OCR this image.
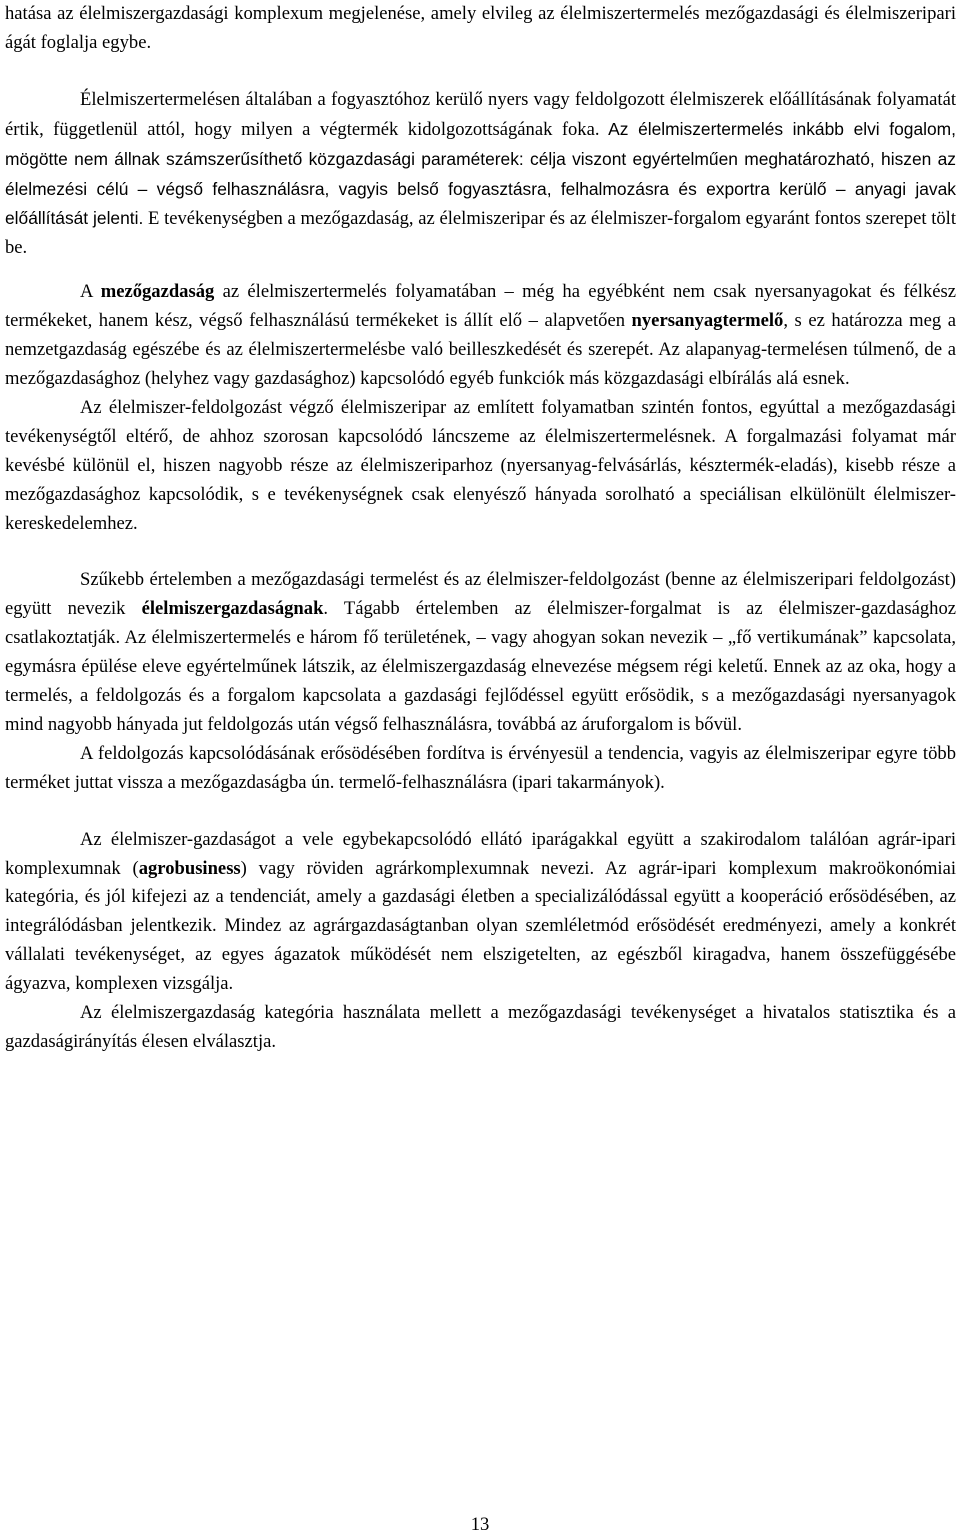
hatása az élelmiszergazdasági komplexum megjelenése, amely elvileg az élelmiszertermelés mezőgazdasági és élelmiszeripari ágát foglalja egybe.

Élelmiszertermelésen általában a fogyasztóhoz kerülő nyers vagy feldolgozott élelmiszerek előállításának folyamatát értik, függetlenül attól, hogy milyen a végtermék kidolgozottságának foka. Az élelmiszertermelés inkább elvi fogalom, mögötte nem állnak számszerűsíthető közgazdasági paraméterek: célja viszont egyértelműen meghatározható, hiszen az élelmezési célú – végső felhasználásra, vagyis belső fogyasztásra, felhalmozásra és exportra kerülő – anyagi javak előállítását jelenti. E tevékenységben a mezőgazdaság, az élelmiszeripar és az élelmiszer-forgalom egyaránt fontos szerepet tölt be.

A mezőgazdaság az élelmiszertermelés folyamatában – még ha egyébként nem csak nyersanyagokat és félkész termékeket, hanem kész, végső felhasználású termékeket is állít elő – alapvetően nyersanyagtermelő, s ez határozza meg a nemzetgazdaság egészébe és az élelmiszertermelésbe való beilleszkedését és szerepét. Az alapanyag-termelésen túlmenő, de a mezőgazdasághoz (helyhez vagy gazdasághoz) kapcsolódó egyéb funkciók más közgazdasági elbírálás alá esnek.

Az élelmiszer-feldolgozást végző élelmiszeripar az említett folyamatban szintén fontos, egyúttal a mezőgazdasági tevékenységtől eltérő, de ahhoz szorosan kapcsolódó láncszeme az élelmiszertermelésnek. A forgalmazási folyamat már kevésbé különül el, hiszen nagyobb része az élelmiszeriparhoz (nyersanyag-felvásárlás, késztermék-eladás), kisebb része a mezőgazdasághoz kapcsolódik, s e tevékenységnek csak elenyésző hányada sorolható a speciálisan elkülönült élelmiszer-kereskedelemhez.

Szűkebb értelemben a mezőgazdasági termelést és az élelmiszer-feldolgozást (benne az élelmiszeripari feldolgozást) együtt nevezik élelmiszergazdaságnak. Tágabb értelemben az élelmiszer-forgalmat is az élelmiszer-gazdasághoz csatlakoztatják. Az élelmiszertermelés e három fő területének, – vagy ahogyan sokan nevezik – „fő vertikumának” kapcsolata, egymásra épülése eleve egyértelműnek látszik, az élelmiszergazdaság elnevezése mégsem régi keletű. Ennek az az oka, hogy a termelés, a feldolgozás és a forgalom kapcsolata a gazdasági fejlődéssel együtt erősödik, s a mezőgazdasági nyersanyagok mind nagyobb hányada jut feldolgozás után végső felhasználásra, továbbá az áruforgalom is bővül.

A feldolgozás kapcsolódásának erősödésében fordítva is érvényesül a tendencia, vagyis az élelmiszeripar egyre több terméket juttat vissza a mezőgazdaságba ún. termelő-felhasználásra (ipari takarmányok).

Az élelmiszer-gazdaságot a vele egybekapcsolódó ellátó iparágakkal együtt a szakirodalom találóan agrár-ipari komplexumnak (agrobusiness) vagy röviden agrárkomplexumnak nevezi. Az agrár-ipari komplexum makroökonómiai kategória, és jól kifejezi az a tendenciát, amely a gazdasági életben a specializálódással együtt a kooperáció erősödésében, az integrálódásban jelentkezik. Mindez az agrárgazdaságtanban olyan szemléletmód erősödését eredményezi, amely a konkrét vállalati tevékenységet, az egyes ágazatok működését nem elszigetelten, az egészből kiragadva, hanem összefüggésébe ágyazva, komplexen vizsgálja.

Az élelmiszergazdaság kategória használata mellett a mezőgazdasági tevékenységet a hivatalos statisztika és a gazdaságirányítás élesen elválasztja.

13
